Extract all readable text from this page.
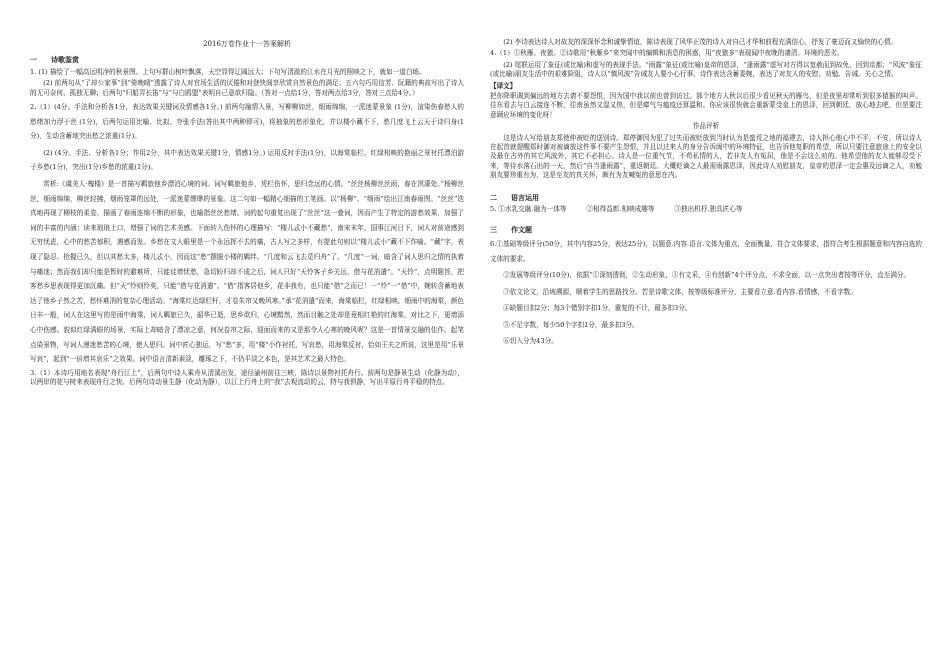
2016万卷作业十一答案解析
一 诗歌鉴赏

1. (1) 描绘了一幅高远明净的秋景图。上句写群山树叶飘落，天空显得辽阔远大；下句写清澈的江水在月光的照映之下，就如一道白练。

(2) 前两句从“了却公家事”到“倚晚晴”透露了诗人对官场生活的厌倦和对登快阁享欣赏自然景色的满足；五六句巧用信芳、阮籍的典故写出了诗人的无可奈何、孤独无聊；后两句“归船弄长笛”与“与白鸥盟”表明自己意欲归隐。（答对一点给1分，答对两点给3分，答对三点给4分。）

2.（1）(4分。手法和分析各1分，表达效果关键词及情感各1分。) 前两句融情入景，写柳柳如丝，细雨绵绵，一派迷蒙景象 (1分)，渲染伤春愁人的愁绪加力浮于丝 (1分)，后两句运用比喻、比拟、夸张手法(答出其中两种即可)，将抽象的愁形象化，并以楼小藏不下，愁几度飞上云天于诗归身(1分)，生动含蓄地突出愁之浓重(1分)。

(2) (4分。手法、分析各1分；作用2分，其中表达效果关键1分，情感1分。) 运用反衬手法(1分)，以海棠临栏、红绿相映的艳丽之景衬托漂泊游子乡愁(1分)，突出(1分)乡愁的浓重(1分)。

赏析:《虞美人·槐楼》是一首描写羁旅他乡漂泊心境的词。词写羁旅他乡，凭栏伤怀，思归念远的心情。“丝丝杨柳丝丝雨，春在溟濛处。”杨柳丝丝，细雨绵绵，柳丝轻拂，烟雨笼罩的远处，一派迷蒙缥缈的景象。这二句如一幅精心细描的工笔画。以“杨柳”、“细雨”绘出江南春雨图。“丝丝”迭真地再现了柳枝的柔姿，描画了春雨连绵不断的形象，也喻指丝丝愁绪。词的起句重复出现了“丝丝”这一叠词，因而产生了特定的游愁效果，加强了词的丰富的内涵；读来琅琅上口，增强了词的艺术美感。下面转入伤怀的心理描写：“楼儿忒小不藏愁”，南宋末年，国事江河日下，词人对前途感到无穷忧虑，心中的愁苦郁积，遇感而发。乡愁在文人眼里是一个永远挥不去的痛，古人写之多样，有提此句则以“楼儿忒小”藏不下作喻。“藏”字，表现了隐忍、抢握已久，但以其愁太多，楼儿忒小，因而这“愁”摆脱小楼的羁绊。“几度和云飞去觅归舟”了。“几度”一词，暗含了词人思归之情的执着与痛迷；然而我们却只能是暂时的避难所，只能徒增忧愁，急切盼归却不成之后，词人只好“天怜客子乡关远，借与花消遣”。“天怜”，点明题旨，把客愁乡思表现得更加沉痛。但“天”怜则怜矣，只能“借与花消遣”。“借”指客居他乡，花非我有，也只能“借”之而已！一“怜”一“借”中，婉转含蓄地表达了他乡子然之苦，愁怀难消的复杂心理活动。“海棠红近绿栏杆，才卷朱帘又晚风寒。”承“花消遣”而来，海棠临栏，红绿相映。细雨中的海棠，颜色日丰一般，词人在这里写的是雨中海棠，词人羁旅已久，韶华已逝，思乡欲归，心境黯然，然而目触之处却是竟相红艳的红海棠，对比之下，更增添心中伤感。貌似红绿满眼的场景，实际上却暗含了漂凉之意，何况卷帘之际，迎面而来的又是那令人心寒的晚风呢？这是一首情景交融的佳作。起笔点染景物，写词人漫迷愁苦的心境，使人思归。词中匠心独运，写“愁”多，用“楼”小作衬托，写哀愁，用海棠反衬，恰如王夫之所说，这里是用“乐景写哀”，起到“一倍增其哀乐”之效果。词中语言清新素淡，雕琢之下，不仍平淡之本色，是其艺术之最大特色。

3.（1）本诗巧用地名表现“舟行江上”，后两句中诗人乘舟从清溪出发，途径渝州前往三峡，陈诗以景物衬托舟行。前两句是静景生动（化静为动），以两岸的花与树来表现舟行之快。后两句诗动景生静（化动为静），以江上行舟上的“我”去观流动的云，特与我俱静，写出平原行舟平稳的特点。

(2) 李诗表达诗人对故友的深深怀念和诚挚情谊，陈诗表现了风华正茂的诗人对自己才华和前程充满信心，抒发了豪迈而又愉快的心情。

4.（1）①秋雁、夜猿。②诗歌用“秋雁乡”来突闻中的编辑和消息的困惑，用“夜猿多”表现闻中夜晚的凄清、环境的恶劣。

(2) 尾联运用了象征(或比喻)和虚写的表现手法。“雨露”象征(或比喻)皇帝的恩泽，“逢雨露”虚写对方得以宽赦而到故免，回到京都；“风波”象征(或比喻)朋友生活中的艰难险阻，诗人以“慎风波”告诫友人要小心行事。诗作表达含蓄委婉，表达了对友人的安慰、劝勉、告诫、关心之情。

【译文】

把你降职调到偏远的地方去请不要怨恨，因为国中我以前也曾到访过。那个地方人秋以后很少看见秋天的雁鸟，但是夜里却常听到很多猿猴的叫声。往东看去与白云接连不断，往南虽然又湿又热，但是瘴气与瘟疫还算温和。你应该很快就会重新蒙受皇上的恩泽，回到朝廷，放心地去吧，但是要注意顾应环境的变化呀！

作品评析

这是诗人写给朋友郑使仲被贬的送别诗。郑停御因为犯了过失而被贬放到当时认为是蛮荒之地的福建去，诗人担心他心中不平，不安，所以诗人在起首就提醒郑时御对被谪放这件事不要产生怨恨，并且以过来人的身分告诉闽中的环境特征，也告诉他复职的希望，所以只要注意旅途上的安全以及最在古外的其它风波外，其它不必担心。诗人是一位重气节，不苟私情的人，若非友人有冤屈，他是不会这么劝的。他希望他的友人能够忍受下来，等待水落石出的一天，然后“自当逢雨露”，重返朝廷。大概贬谪之人最需雨露恩泽，因此诗人劝慰朋友，皇帝的恩泽一定会惠及远谪之人，劝勉朋友要珍重有为，这是至友的真关怀，颇有为友喊冤的意思在内。

二 语言运用
5. ①水乳交融.融为一体等	②相得益彰.相映成趣等	③独出机杼.独具匠心等
三 作文题

6.①基础等级评分(50分，其中内容25分，表达25分)，以题意.内容.语言.文体为重点，全面衡量，符合文体要求，指符合考生根据题意和内容自选的文体的要求。

②发展等级评分(10分)，依据“①深刻透彻，②生动形象，③有文采，④有创新”4个评分点，不求全面，以一点突出者按等评分，直至满分。

③依文论文，沿坡溯源，顺着学生的思路找分。若是诗歌文体，按等级标准评分，主要看立意.看内容.看情感，不看字数。

④缺题目扣2分；每3个错别字扣1分，重复的不计，最多扣3分。

⑤不足字数，每少50个字扣1分，最多扣3分。

⑥切入分为43分。
